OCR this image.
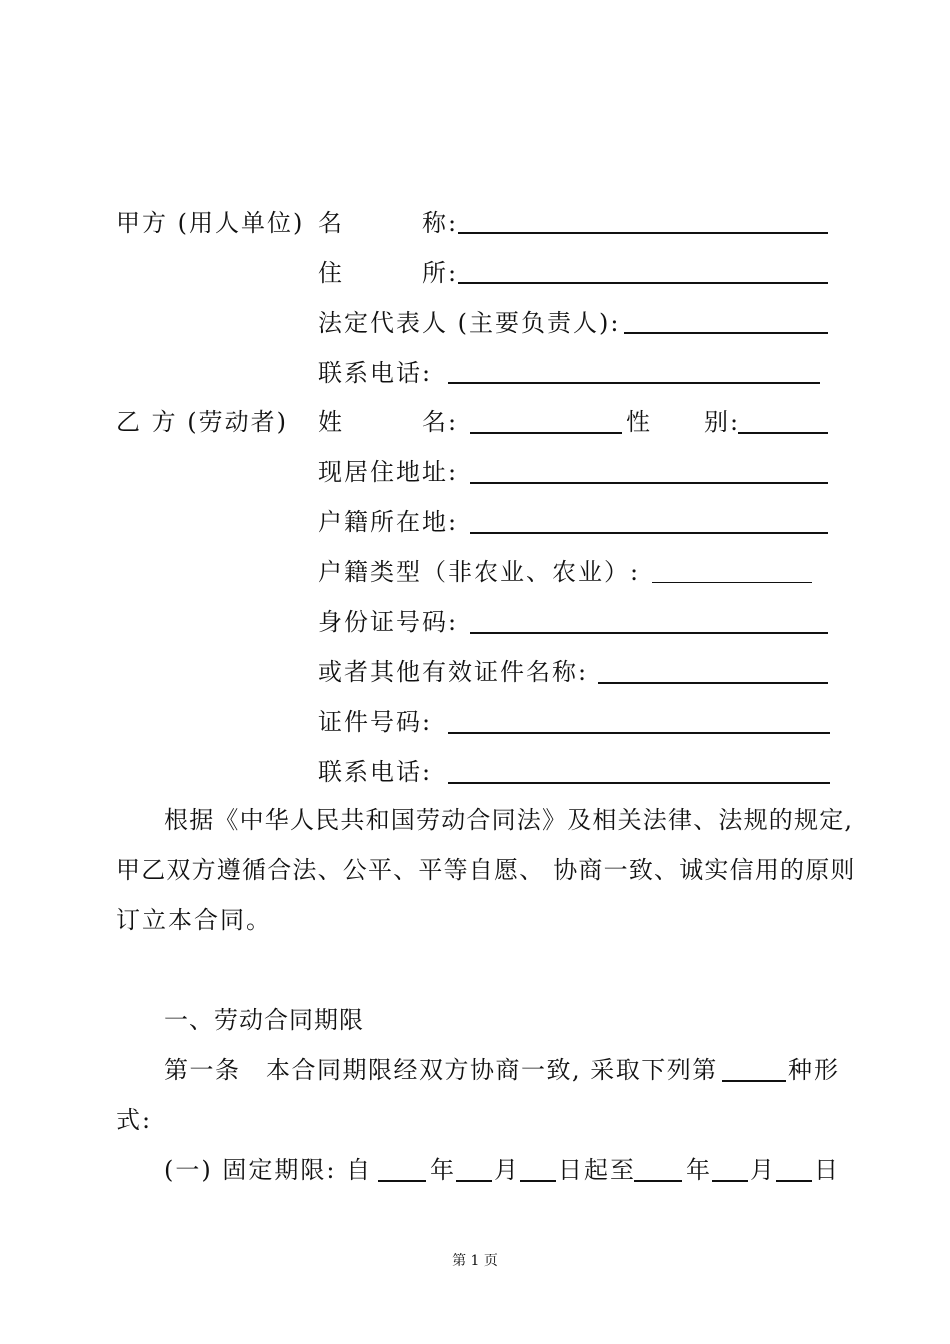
甲方 (用人单位) 名　　　称:
住　　　所:
法定代表人 (主要负责人):
联系电话:
乙 方 (劳动者) 姓　　　名:	性　　别:
现居住地址:
户籍所在地:
户籍类型（非农业、农业）:
身份证号码:
或者其他有效证件名称:
证件号码:
联系电话:
根据《中华人民共和国劳动合同法》及相关法律、法规的规定,
甲乙双方遵循合法、公平、平等自愿、 协商一致、诚实信用的原则
订立本合同。
一、劳动合同期限
第一条　本合同期限经双方协商一致, 采取下列第	种形
式:
(一) 固定期限: 自 年 月 日起至 年 月 日
第 1 页
